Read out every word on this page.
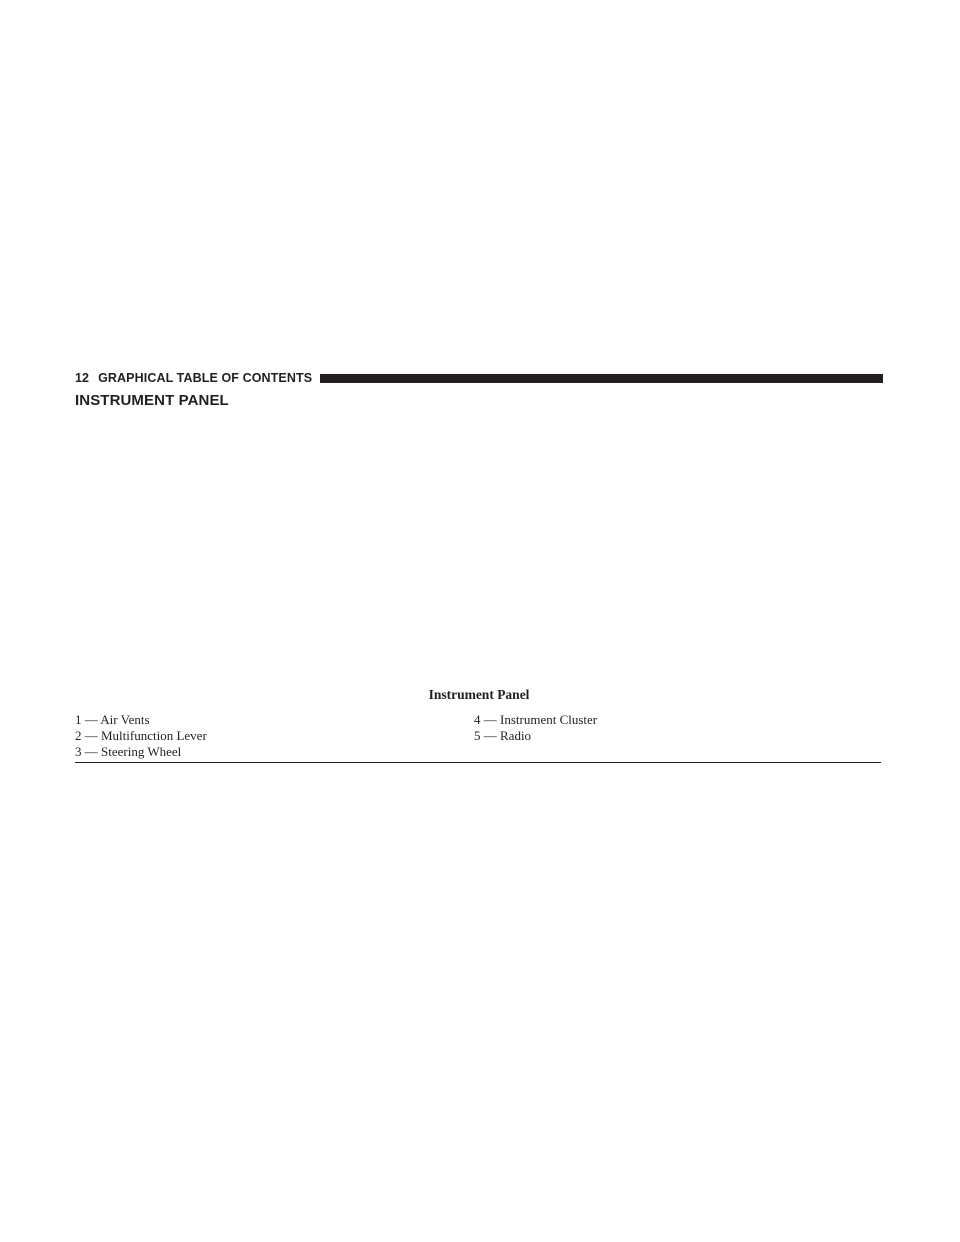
12 GRAPHICAL TABLE OF CONTENTS
INSTRUMENT PANEL

Instrument Panel

1 — Air Vents
2 — Multifunction Lever
3 — Steering Wheel
4 — Instrument Cluster
5 — Radio
